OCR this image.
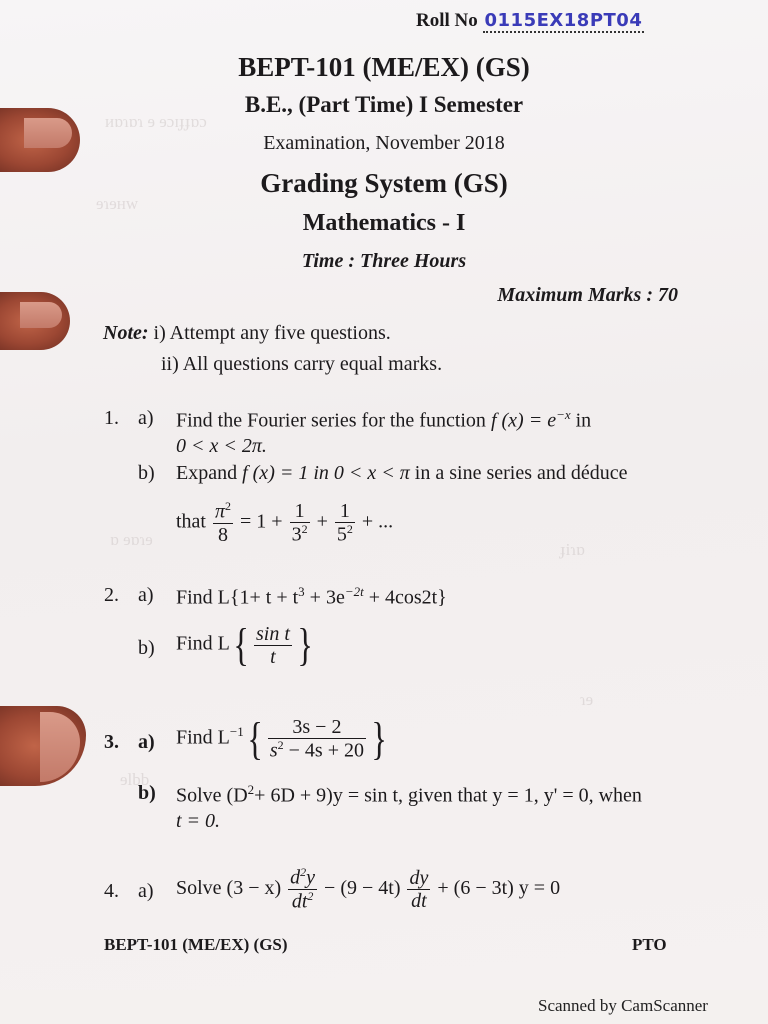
ᴎɒɿɒɿ ɘ ɘɔɪɟɟɒɔ
ɘɿɘʜw
ɒ ɘɒɿɘ
ɟiɿɒ
ɿɘ
ɘlbb
Roll No 0115EX18PT04
BEPT-101 (ME/EX) (GS)
B.E., (Part Time) I Semester
Examination, November 2018
Grading System (GS)
Mathematics - I
Time : Three Hours
Maximum Marks : 70
Note: i) Attempt any five questions.
ii) All questions carry equal marks.
1. a) Find the Fourier series for the function f $(x) = e^{-x}$ in
0 < x < 2π.
b) Expand f (x) = 1 in 0 < x < π in a sine series and déduce
that $\frac{\pi^2}{8} = 1 + \frac{1}{3^2} + \frac{1}{5^2}$ + ...
2. a) Find $L\{1+ t + t^3 + 3e^{-2t} + 4\cos 2t\}$
b) Find $L\{ \frac{\text{sin t}}{t}$ }
3. a) Find $L^{-1}\{ \frac{3s - 2}{s^2 - 4s + 20}$ }
b) Solve $(D^2+ 6D + 9)y = \sin t$, given that y = 1, y' = 0, when
t = 0.
4. a) Solve $(3 - x) \frac{d^2y}{dt^2} - (9 - 4t) \frac{dy}{dt} + (6 - 3t) y = 0$
BEPT-101 (ME/EX) (GS)	PTO
Scanned by CamScanner
